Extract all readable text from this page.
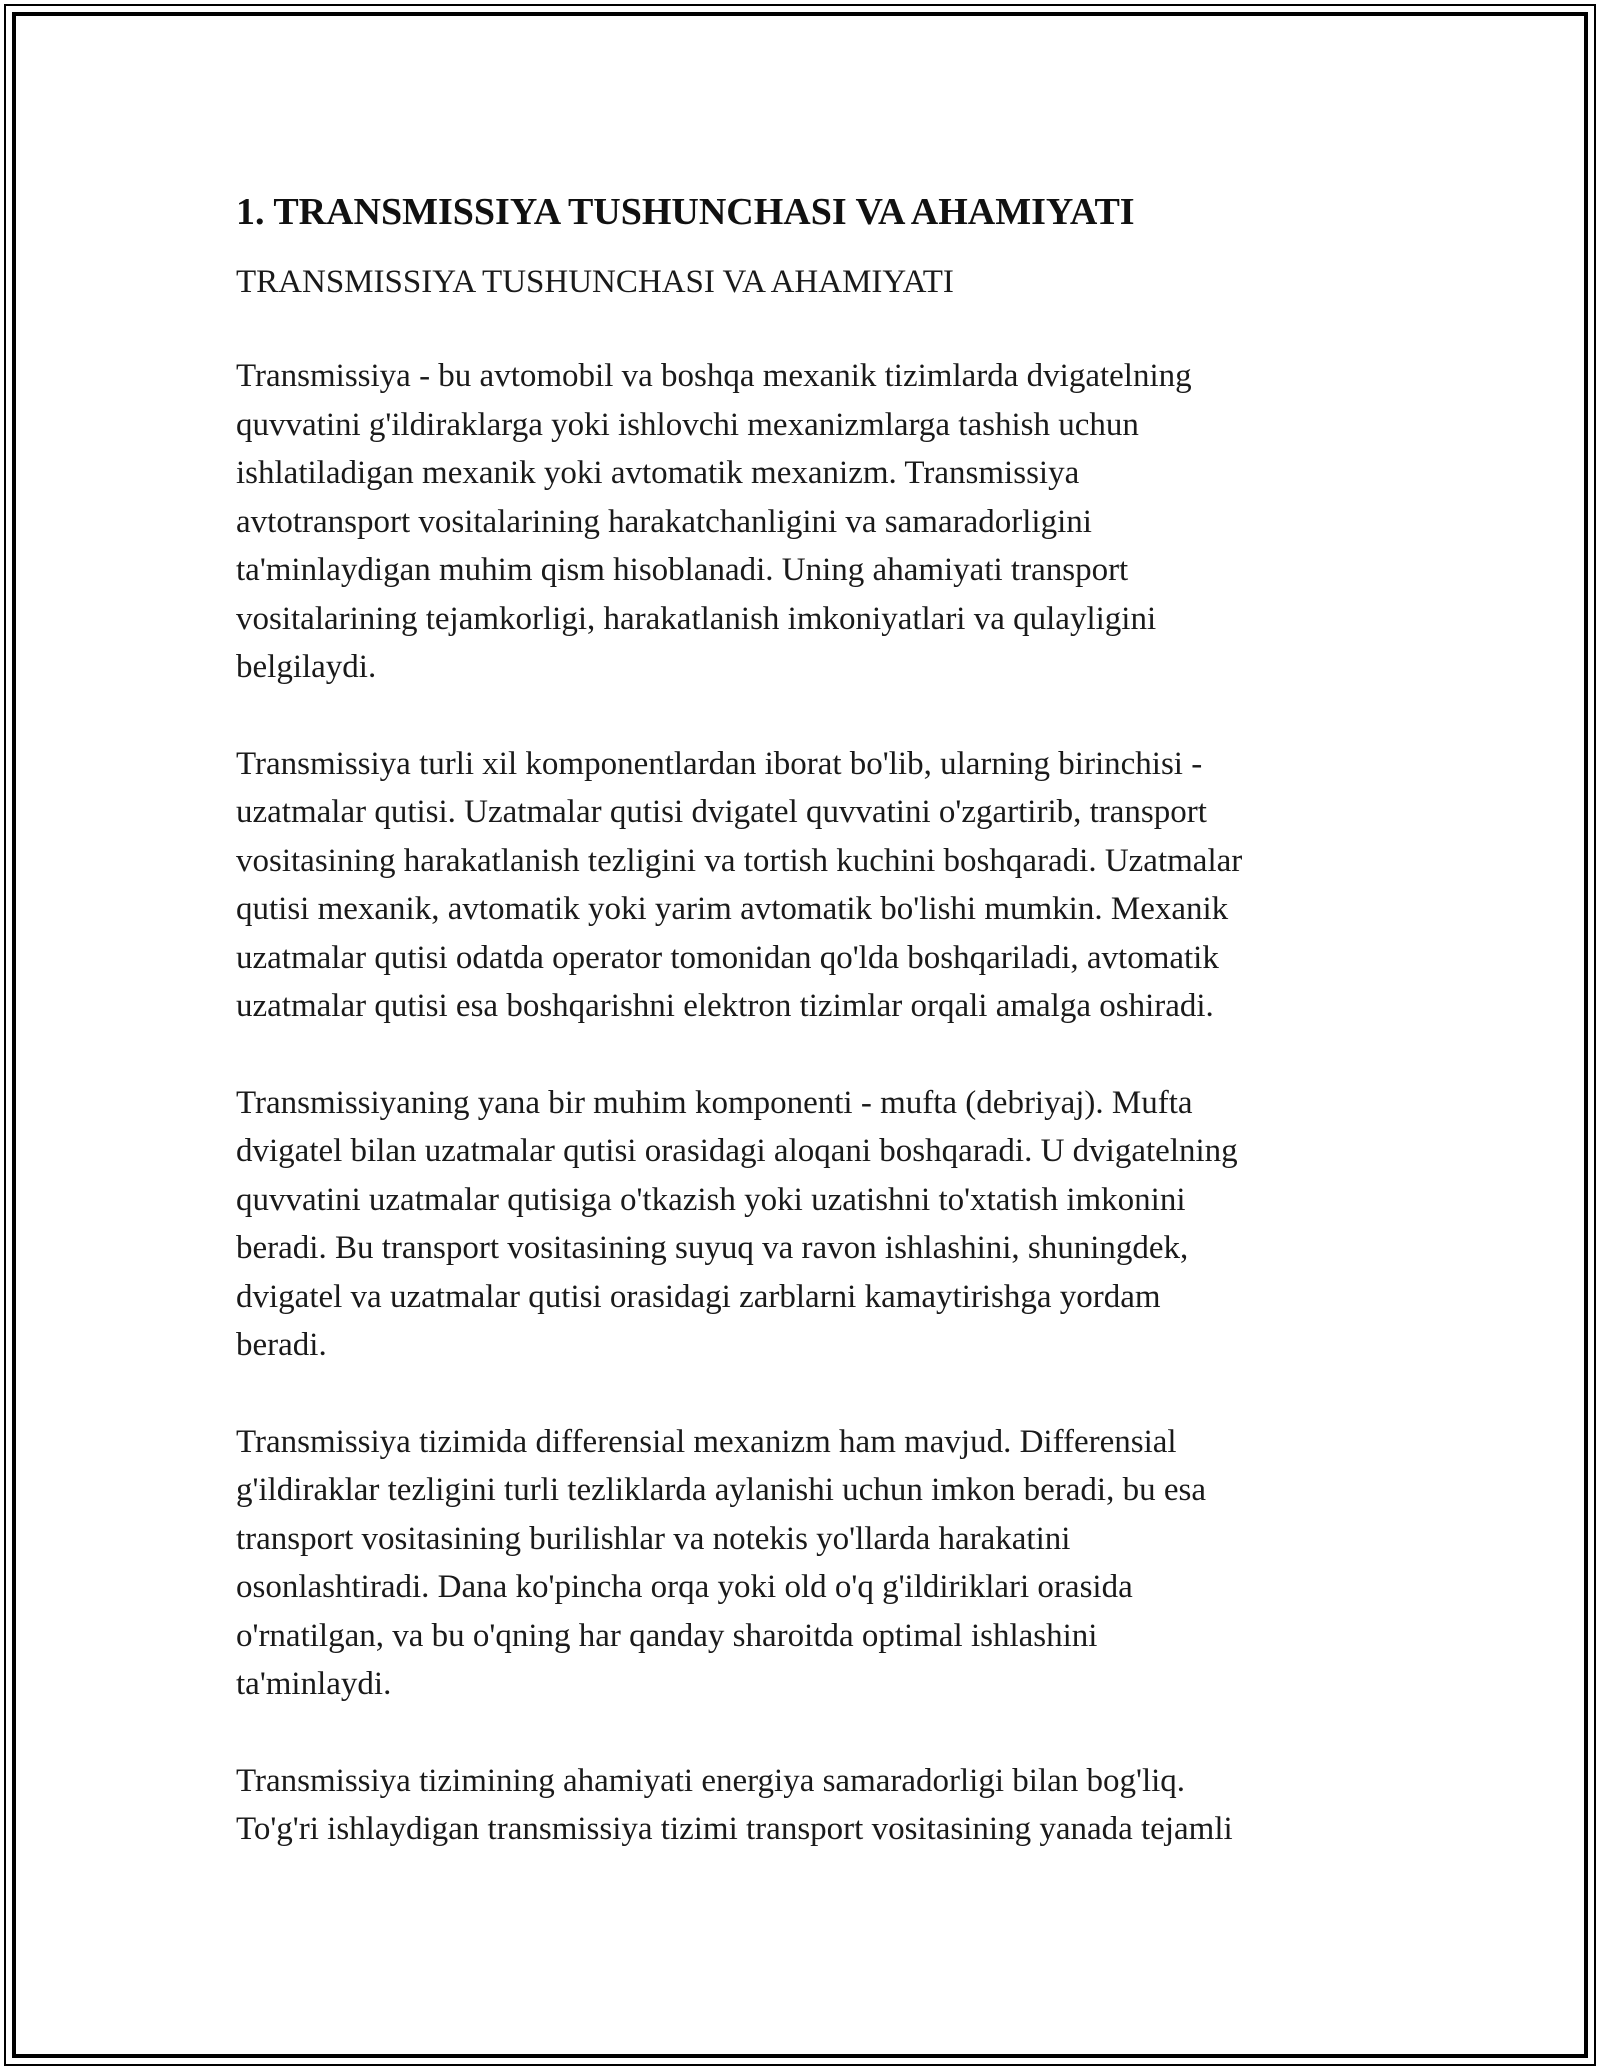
1. TRANSMISSIYA TUSHUNCHASI VA AHAMIYATI
TRANSMISSIYA TUSHUNCHASI VA AHAMIYATI
Transmissiya - bu avtomobil va boshqa mexanik tizimlarda dvigatelning
quvvatini g'ildiraklarga yoki ishlovchi mexanizmlarga tashish uchun
ishlatiladigan mexanik yoki avtomatik mexanizm. Transmissiya
avtotransport vositalarining harakatchanligini va samaradorligini
ta'minlaydigan muhim qism hisoblanadi. Uning ahamiyati transport
vositalarining tejamkorligi, harakatlanish imkoniyatlari va qulayligini
belgilaydi.
Transmissiya turli xil komponentlardan iborat bo'lib, ularning birinchisi -
uzatmalar qutisi. Uzatmalar qutisi dvigatel quvvatini o'zgartirib, transport
vositasining harakatlanish tezligini va tortish kuchini boshqaradi. Uzatmalar
qutisi mexanik, avtomatik yoki yarim avtomatik bo'lishi mumkin. Mexanik
uzatmalar qutisi odatda operator tomonidan qo'lda boshqariladi, avtomatik
uzatmalar qutisi esa boshqarishni elektron tizimlar orqali amalga oshiradi.
Transmissiyaning yana bir muhim komponenti - mufta (debriyaj). Mufta
dvigatel bilan uzatmalar qutisi orasidagi aloqani boshqaradi. U dvigatelning
quvvatini uzatmalar qutisiga o'tkazish yoki uzatishni to'xtatish imkonini
beradi. Bu transport vositasining suyuq va ravon ishlashini, shuningdek,
dvigatel va uzatmalar qutisi orasidagi zarblarni kamaytirishga yordam
beradi.
Transmissiya tizimida differensial mexanizm ham mavjud. Differensial
g'ildiraklar tezligini turli tezliklarda aylanishi uchun imkon beradi, bu esa
transport vositasining burilishlar va notekis yo'llarda harakatini
osonlashtiradi. Dana ko'pincha orqa yoki old o'q g'ildiriklari orasida
o'rnatilgan, va bu o'qning har qanday sharoitda optimal ishlashini
ta'minlaydi.
Transmissiya tizimining ahamiyati energiya samaradorligi bilan bog'liq.
To'g'ri ishlaydigan transmissiya tizimi transport vositasining yanada tejamli
